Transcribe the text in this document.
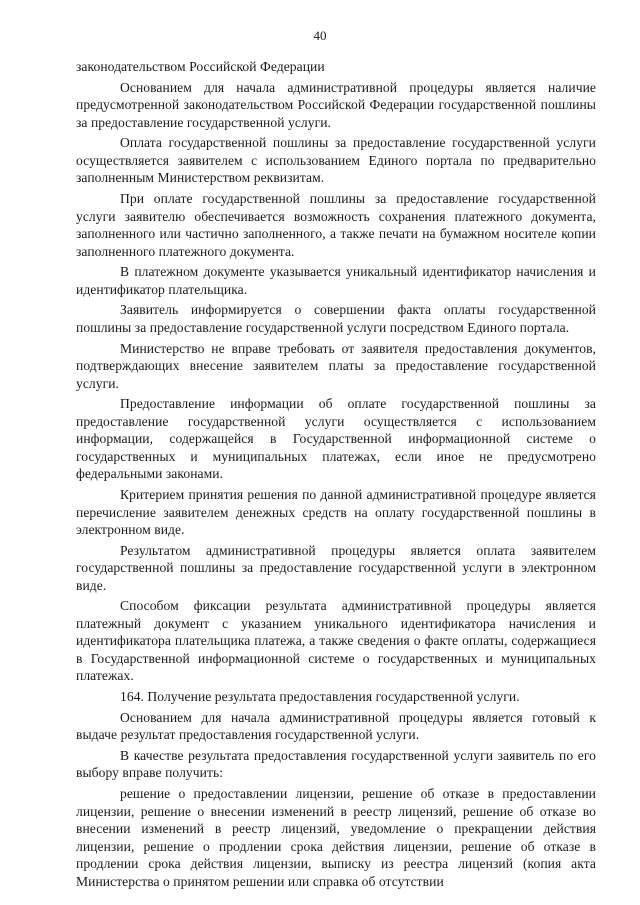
40

законодательством Российской Федерации

Основанием для начала административной процедуры является наличие предусмотренной законодательством Российской Федерации государственной пошлины за предоставление государственной услуги.

Оплата государственной пошлины за предоставление государственной услуги осуществляется заявителем с использованием Единого портала по предварительно заполненным Министерством реквизитам.

При оплате государственной пошлины за предоставление государственной услуги заявителю обеспечивается возможность сохранения платежного документа, заполненного или частично заполненного, а также печати на бумажном носителе копии заполненного платежного документа.

В платежном документе указывается уникальный идентификатор начисления и идентификатор плательщика.

Заявитель информируется о совершении факта оплаты государственной пошлины за предоставление государственной услуги посредством Единого портала.

Министерство не вправе требовать от заявителя предоставления документов, подтверждающих внесение заявителем платы за предоставление государственной услуги.

Предоставление информации об оплате государственной пошлины за предоставление государственной услуги осуществляется с использованием информации, содержащейся в Государственной информационной системе о государственных и муниципальных платежах, если иное не предусмотрено федеральными законами.

Критерием принятия решения по данной административной процедуре является перечисление заявителем денежных средств на оплату государственной пошлины в электронном виде.

Результатом административной процедуры является оплата заявителем государственной пошлины за предоставление государственной услуги в электронном виде.

Способом фиксации результата административной процедуры является платежный документ с указанием уникального идентификатора начисления и идентификатора плательщика платежа, а также сведения о факте оплаты, содержащиеся в Государственной информационной системе о государственных и муниципальных платежах.

164. Получение результата предоставления государственной услуги.

Основанием для начала административной процедуры является готовый к выдаче результат предоставления государственной услуги.

В качестве результата предоставления государственной услуги заявитель по его выбору вправе получить:

решение о предоставлении лицензии, решение об отказе в предоставлении лицензии, решение о внесении изменений в реестр лицензий, решение об отказе во внесении изменений в реестр лицензий, уведомление о прекращении действия лицензии, решение о продлении срока действия лицензии, решение об отказе в продлении срока действия лицензии, выписку из реестра лицензий (копия акта Министерства о принятом решении или справка об отсутствии
